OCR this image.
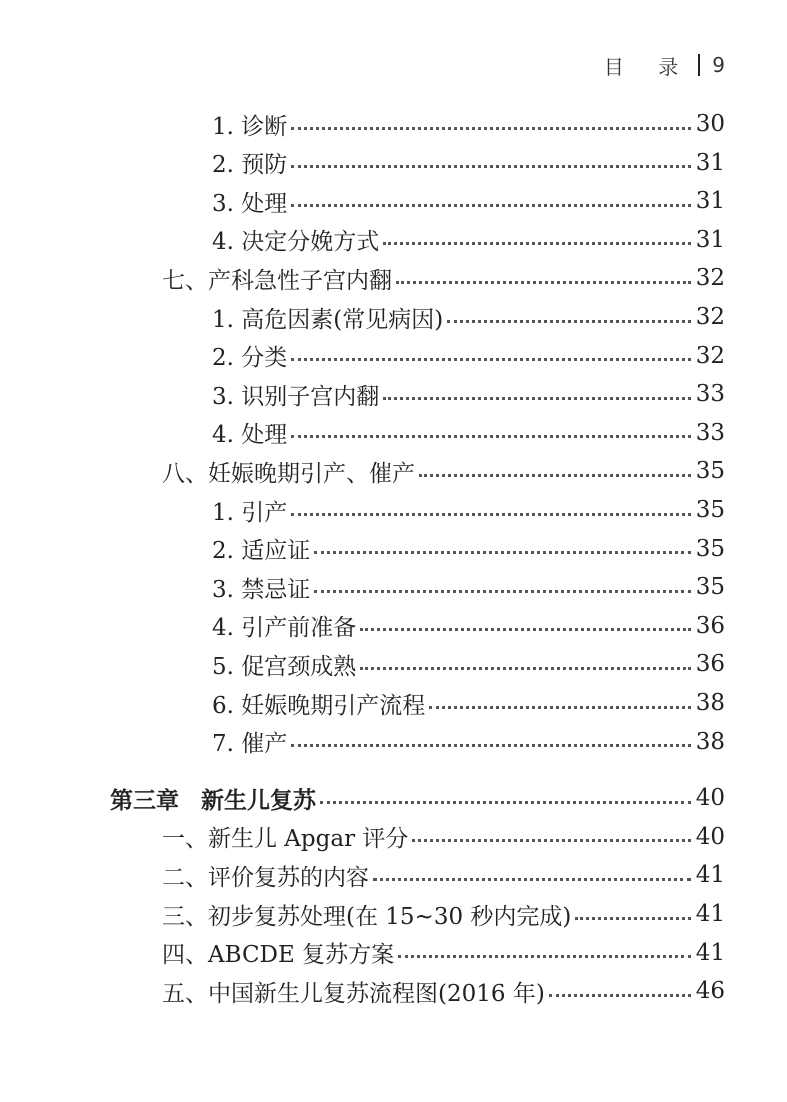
目 录 9
1. 诊断	30
2. 预防	31
3. 处理	31
4. 决定分娩方式	31
七、产科急性子宫内翻	32
1. 高危因素(常见病因)	32
2. 分类	32
3. 识别子宫内翻	33
4. 处理	33
八、妊娠晚期引产、催产	35
1. 引产	35
2. 适应证	35
3. 禁忌证	35
4. 引产前准备	36
5. 促宫颈成熟	36
6. 妊娠晚期引产流程	38
7. 催产	38
第三章 新生儿复苏	40
一、新生儿 Apgar 评分	40
二、评价复苏的内容	41
三、初步复苏处理(在 15~30 秒内完成)	41
四、ABCDE 复苏方案	41
五、中国新生儿复苏流程图(2016 年)	46
